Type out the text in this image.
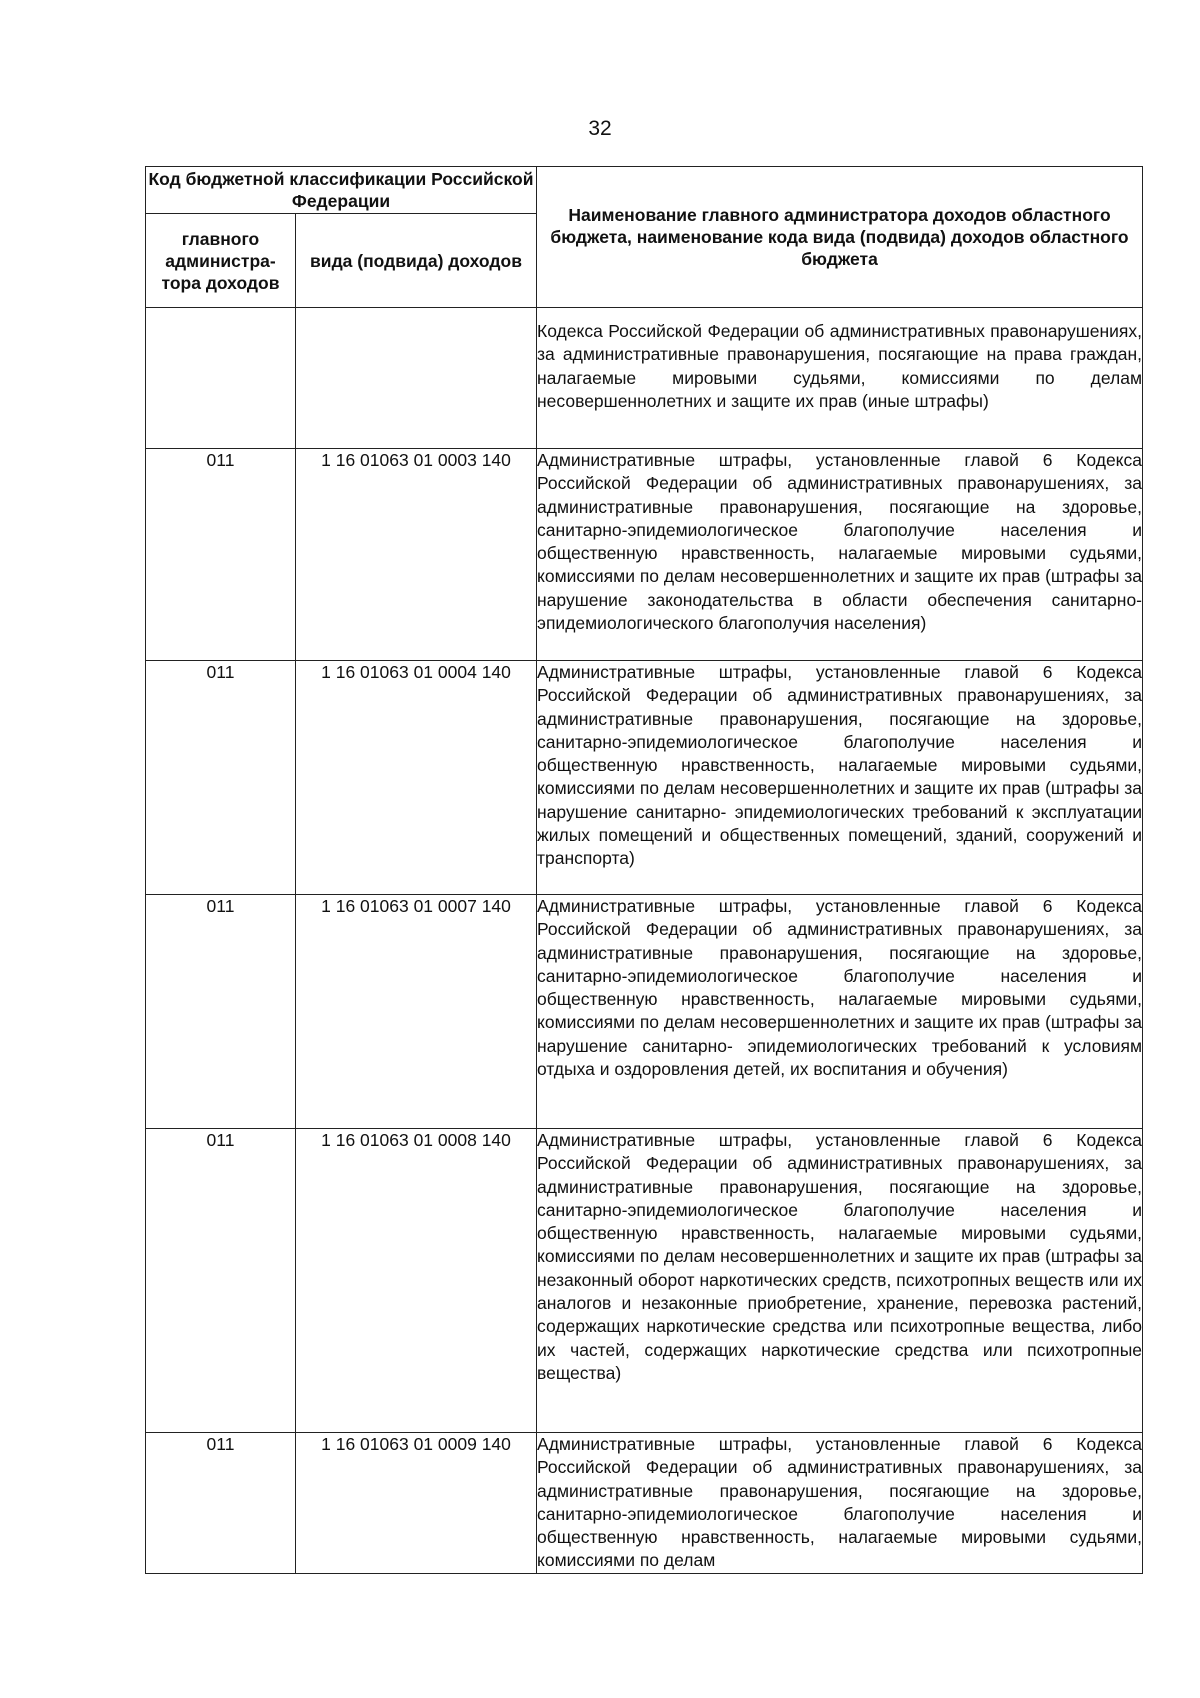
32
Код бюджетной классификации Российской Федерации		Наименование главного администратора доходов областного бюджета, наименование кода вида (подвида) доходов областного бюджета
главного администра-тора доходов	вида (подвида) доходов	
		Кодекса Российской Федерации об административных правонарушениях, за административные правонарушения, посягающие на права граждан, налагаемые мировыми судьями, комиссиями по делам несовершеннолетних и защите их прав (иные штрафы)
011	1 16 01063 01 0003 140	Административные штрафы, установленные главой 6 Кодекса Российской Федерации об административных правонарушениях, за административные правонарушения, посягающие на здоровье, санитарно-эпидемиологическое благополучие населения и общественную нравственность, налагаемые мировыми судьями, комиссиями по делам несовершеннолетних и защите их прав (штрафы за нарушение законодательства в области обеспечения санитарно- эпидемиологического благополучия населения)
011	1 16 01063 01 0004 140	Административные штрафы, установленные главой 6 Кодекса Российской Федерации об административных правонарушениях, за административные правонарушения, посягающие на здоровье, санитарно-эпидемиологическое благополучие населения и общественную нравственность, налагаемые мировыми судьями, комиссиями по делам несовершеннолетних и защите их прав (штрафы за нарушение санитарно- эпидемиологических требований к эксплуатации жилых помещений и общественных помещений, зданий, сооружений и транспорта)
011	1 16 01063 01 0007 140	Административные штрафы, установленные главой 6 Кодекса Российской Федерации об административных правонарушениях, за административные правонарушения, посягающие на здоровье, санитарно-эпидемиологическое благополучие населения и общественную нравственность, налагаемые мировыми судьями, комиссиями по делам несовершеннолетних и защите их прав (штрафы за нарушение санитарно- эпидемиологических требований к условиям отдыха и оздоровления детей, их воспитания и обучения)
011	1 16 01063 01 0008 140	Административные штрафы, установленные главой 6 Кодекса Российской Федерации об административных правонарушениях, за административные правонарушения, посягающие на здоровье, санитарно-эпидемиологическое благополучие населения и общественную нравственность, налагаемые мировыми судьями, комиссиями по делам несовершеннолетних и защите их прав (штрафы за незаконный оборот наркотических средств, психотропных веществ или их аналогов и незаконные приобретение, хранение, перевозка растений, содержащих наркотические средства или психотропные вещества, либо их частей, содержащих наркотические средства или психотропные вещества)
011	1 16 01063 01 0009 140	Административные штрафы, установленные главой 6 Кодекса Российской Федерации об административных правонарушениях, за административные правонарушения, посягающие на здоровье, санитарно-эпидемиологическое благополучие населения и общественную нравственность, налагаемые мировыми судьями, комиссиями по делам
